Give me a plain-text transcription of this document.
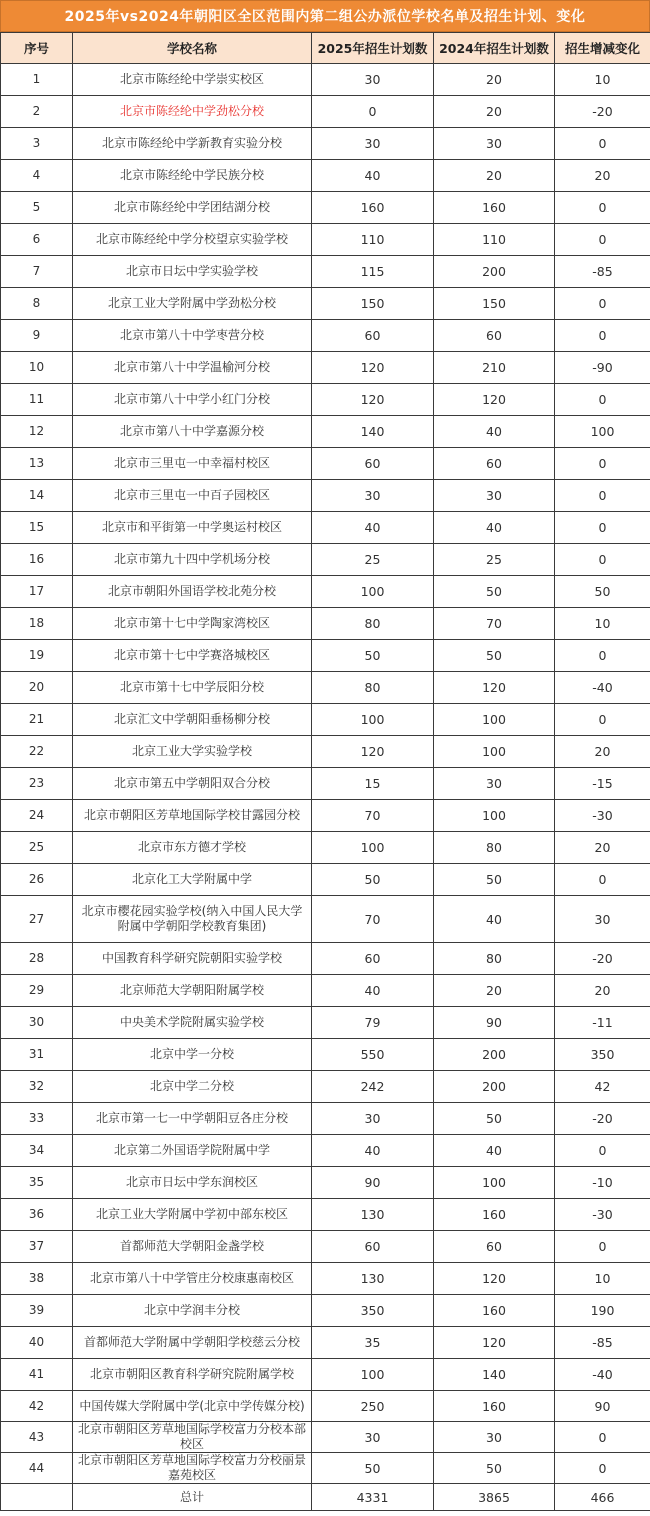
2025年vs2024年朝阳区全区范围内第二组公办派位学校名单及招生计划、变化
序号	学校名称	2025年招生计划数	2024年招生计划数	招生增减变化
1	北京市陈经纶中学崇实校区	30	20	10
2	北京市陈经纶中学劲松分校	0	20	-20
3	北京市陈经纶中学新教育实验分校	30	30	0
4	北京市陈经纶中学民族分校	40	20	20
5	北京市陈经纶中学团结湖分校	160	160	0
6	北京市陈经纶中学分校望京实验学校	110	110	0
7	北京市日坛中学实验学校	115	200	-85
8	北京工业大学附属中学劲松分校	150	150	0
9	北京市第八十中学枣营分校	60	60	0
10	北京市第八十中学温榆河分校	120	210	-90
11	北京市第八十中学小红门分校	120	120	0
12	北京市第八十中学嘉源分校	140	40	100
13	北京市三里屯一中幸福村校区	60	60	0
14	北京市三里屯一中百子园校区	30	30	0
15	北京市和平街第一中学奥运村校区	40	40	0
16	北京市第九十四中学机场分校	25	25	0
17	北京市朝阳外国语学校北苑分校	100	50	50
18	北京市第十七中学陶家湾校区	80	70	10
19	北京市第十七中学赛洛城校区	50	50	0
20	北京市第十七中学辰阳分校	80	120	-40
21	北京汇文中学朝阳垂杨柳分校	100	100	0
22	北京工业大学实验学校	120	100	20
23	北京市第五中学朝阳双合分校	15	30	-15
24	北京市朝阳区芳草地国际学校甘露园分校	70	100	-30
25	北京市东方德才学校	100	80	20
26	北京化工大学附属中学	50	50	0
27	北京市樱花园实验学校(纳入中国人民大学附属中学朝阳学校教育集团)	70	40	30
28	中国教育科学研究院朝阳实验学校	60	80	-20
29	北京师范大学朝阳附属学校	40	20	20
30	中央美术学院附属实验学校	79	90	-11
31	北京中学一分校	550	200	350
32	北京中学二分校	242	200	42
33	北京市第一七一中学朝阳豆各庄分校	30	50	-20
34	北京第二外国语学院附属中学	40	40	0
35	北京市日坛中学东润校区	90	100	-10
36	北京工业大学附属中学初中部东校区	130	160	-30
37	首都师范大学朝阳金盏学校	60	60	0
38	北京市第八十中学管庄分校康惠南校区	130	120	10
39	北京中学润丰分校	350	160	190
40	首都师范大学附属中学朝阳学校慈云分校	35	120	-85
41	北京市朝阳区教育科学研究院附属学校	100	140	-40
42	中国传媒大学附属中学(北京中学传媒分校)	250	160	90
43	北京市朝阳区芳草地国际学校富力分校本部校区	30	30	0
44	北京市朝阳区芳草地国际学校富力分校丽景嘉苑校区	50	50	0
	总计	4331	3865	466
